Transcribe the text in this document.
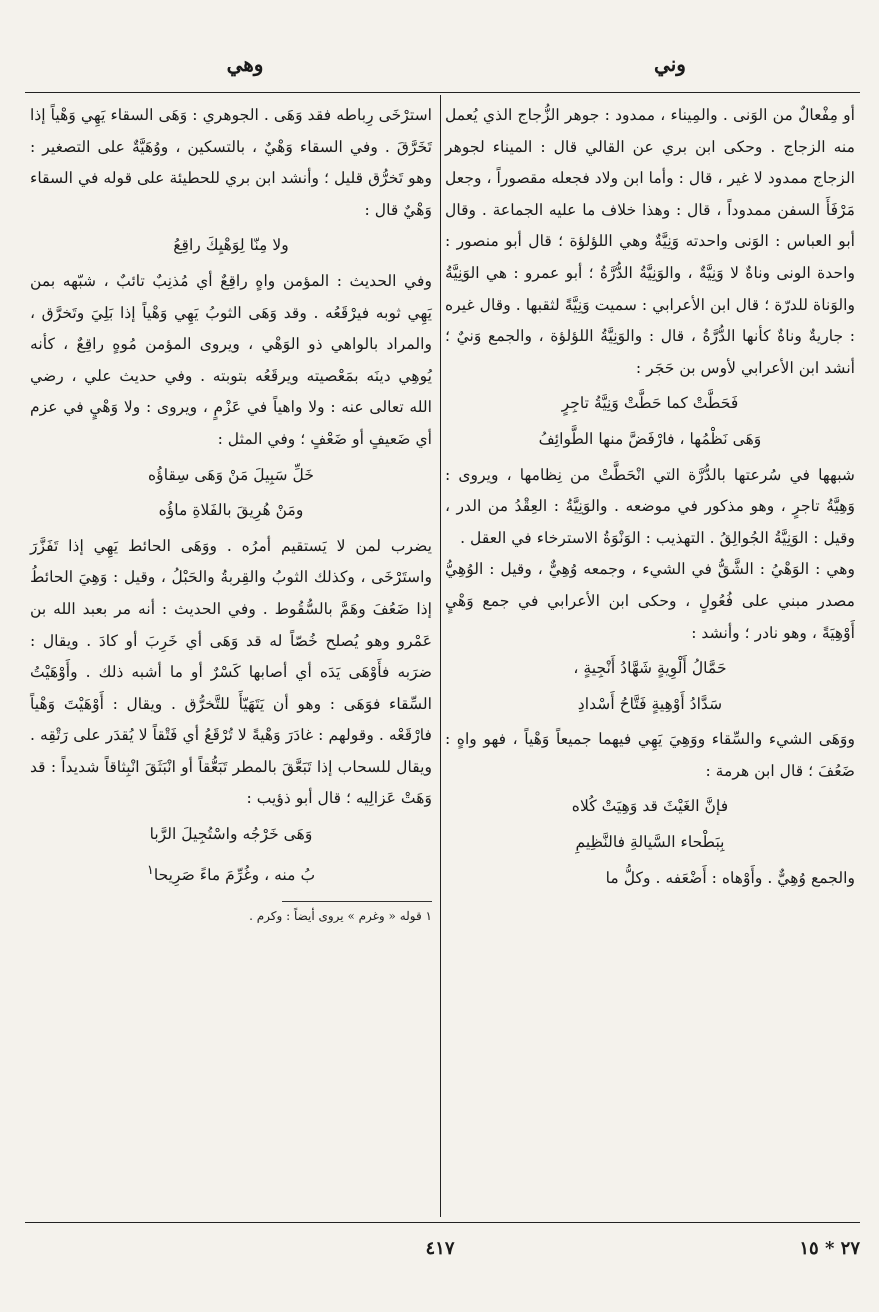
وني
وهي

أو مِفْعالٌ من الوَنى . والمِيناء ، ممدود : جوهر الزُّجاج الذي يُعمل منه الزجاج . وحكى ابن بري عن القالي قال : الميناء لجوهر الزجاج ممدود لا غير ، قال : وأما ابن ولاد فجعله مقصوراً ، وجعل مَرْفَأَ السفن ممدوداً ، قال : وهذا خلاف ما عليه الجماعة . وقال أبو العباس : الوَنى واحدته وَنِيَّةٌ وهي اللؤلؤة ؛ قال أبو منصور : واحدة الونى وناةٌ لا وَنِيَّةٌ ، والوَنِيَّةُ الدُّرَّةُ ؛ أبو عمرو : هي الوَنِيَّةُ والوَناة للدرّة ؛ قال ابن الأعرابي : سميت وَنِيَّةً لثقبها . وقال غيره : جاريةٌ وناةٌ كأنها الدُّرَّةُ ، قال : والوَنِيَّةُ اللؤلؤة ، والجمع وَنيٌ ؛ أنشد ابن الأعرابي لأوس بن حَجَر :

فَحَطَّتْ كما حَطَّتْ وَنِيَّةُ تاجِرٍ
وَهَى نَظْمُها ، فارْفَضَّ منها الطَّوائِفُ

شبهها في سُرعتها بالدُّرَّة التي انْحَطَّتْ من نِظامها ، ويروى : وَهِيَّةُ تاجرٍ ، وهو مذكور في موضعه . والوَنِيَّةُ : العِقْدُ من الدر ، وقيل : الوَنِيَّةُ الجُوالِقُ . التهذيب : الوَنْوَةُ الاسترخاء في العقل .

وهي : الوَهْيُ : الشَّقُّ في الشيء ، وجمعه وُهِيٌّ ، وقيل : الوُهِيُّ مصدر مبني على فُعُولٍ ، وحكى ابن الأعرابي في جمع وَهْيٍ أَوْهِيَةً ، وهو نادر ؛ وأنشد :

حَمَّالُ أَلْوِيةٍ شَهَّادُ أَنْجِيةٍ ،
سَدَّادُ أَوْهِيةٍ فَتَّاحُ أَسْدادِ

ووَهَى الشيء والسِّقاء ووَهِيَ يَهِي فيهما جميعاً وَهْياً ، فهو واهٍ : ضَعُفَ ؛ قال ابن هرمة :

فإنَّ الغَيْثَ قد وَهِيَتْ كُلاه
بِبَطْحاء السَّيالةِ فالنَّظِيمِ

والجمع وُهِيٌّ . وأَوْهاه : أَضْعَفه . وكلُّ ما

استرْخَى رِباطه فقد وَهَى . الجوهري : وَهَى السقاء يَهِي وَهْياً إذا تَخَرَّقَ . وفي السقاء وَهْيٌ ، بالتسكين ، ووُهَيَّةٌ على التصغير : وهو تَخرُّق قليل ؛ وأنشد ابن بري للحطيئة على قوله في السقاء وَهْيٌ قال :

ولا مِنّا لِوَهْيِكَ راقِعُ

وفي الحديث : المؤمن واهٍ راقِعٌ أي مُذنِبٌ تائبٌ ، شبّهه بمن يَهِي ثوبه فيرْقَعُه . وقد وَهَى الثوبُ يَهِي وَهْياً إذا بَلِيَ وتَخرَّق ، والمراد بالواهي ذو الوَهْي ، ويروى المؤمن مُوهٍ راقِعٌ ، كأنه يُوهِي دينَه بمَعْصيته ويرقَعُه بتوبته . وفي حديث علي ، رضي الله تعالى عنه : ولا واهياً في عَزْمٍ ، ويروى : ولا وَهْيٍ في عزم أي ضَعيفٍ أو ضَعْفٍ ؛ وفي المثل :

خَلِّ سَبِيلَ مَنْ وَهَى سِقاؤُه
ومَنْ هُرِيقَ بالفَلاةِ ماؤُه

يضرب لمن لا يَستقيم أمرُه . ووَهَى الحائط يَهِي إذا تَفَزَّرَ واستَرْخَى ، وكذلك الثوبُ والقِربةُ والحَبْلُ ، وقيل : وَهِيَ الحائطُ إذا ضَعُفَ وهَمَّ بالسُّقُوط . وفي الحديث : أنه مر بعبد الله بن عَمْرو وهو يُصلح خُصّاً له قد وَهَى أي خَرِبَ أو كادَ . ويقال : ضرَبه فأَوْهَى يَدَه أي أصابها كَسْرٌ أو ما أشبه ذلك . وأَوْهَيْتُ السِّقاء فوَهَى : وهو أن يَتَهَيّأَ للتَّخرُّق . ويقال : أَوْهَيْتَ وَهْياً فارْقَعْه . وقولهم : غادَرَ وَهْيةً لا تُرْقَعُ أي فَتْقاً لا يُقدَر على رَتْقِه . ويقال للسحاب إذا تَبَعَّقَ بالمطر تَبَعُّقاً أو انْبَثَقَ انْبِثاقاً شديداً : قد وَهَتْ عَزالِيه ؛ قال أبو ذؤيب :

وَهَى خَرْجُه واسْتُجِيلَ الرَّبا
بُ منه ، وغُرِّمَ ماءً صَرِيحا$^١$
١ قوله « وغرم » يروى أيضاً : وكرم .
٤١٧	٢٧ * ١٥
